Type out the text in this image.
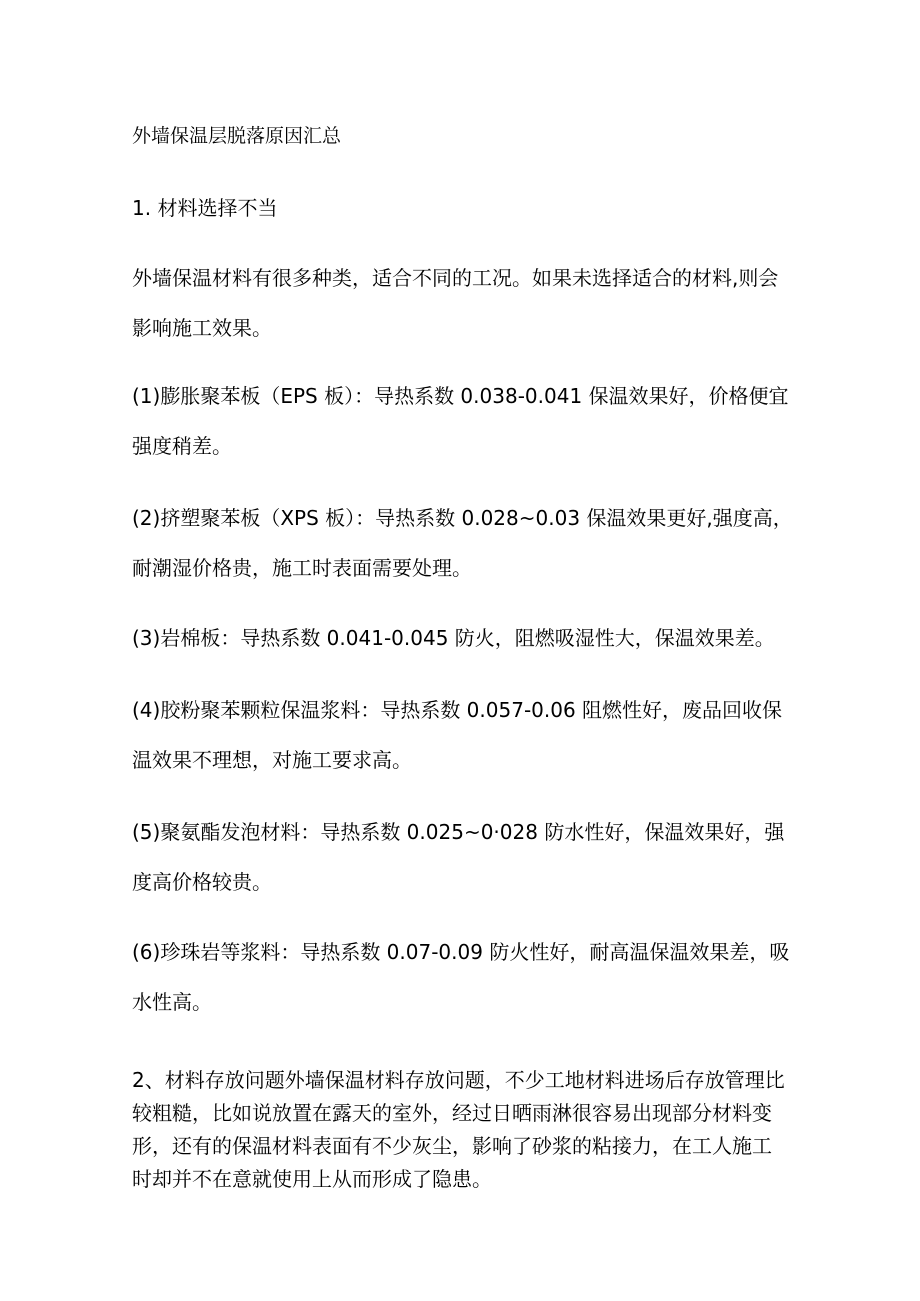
外墙保温层脱落原因汇总
1. 材料选择不当
外墙保温材料有很多种类，适合不同的工况。如果未选择适合的材料,则会
影响施工效果。
(1)膨胀聚苯板（EPS 板）：导热系数 0.038-0.041 保温效果好，价格便宜
强度稍差。
(2)挤塑聚苯板（XPS 板）：导热系数 0.028~0.03 保温效果更好,强度高，
耐潮湿价格贵，施工时表面需要处理。
(3)岩棉板：导热系数 0.041-0.045 防火，阻燃吸湿性大，保温效果差。
(4)胶粉聚苯颗粒保温浆料：导热系数 0.057-0.06 阻燃性好，废品回收保
温效果不理想，对施工要求高。
(5)聚氨酯发泡材料：导热系数 0.025~0·028 防水性好，保温效果好，强
度高价格较贵。
(6)珍珠岩等浆料：导热系数 0.07-0.09 防火性好，耐高温保温效果差，吸
水性高。
2、材料存放问题外墙保温材料存放问题，不少工地材料进场后存放管理比
较粗糙，比如说放置在露天的室外，经过日晒雨淋很容易出现部分材料变
形，还有的保温材料表面有不少灰尘，影响了砂浆的粘接力，在工人施工
时却并不在意就使用上从而形成了隐患。
